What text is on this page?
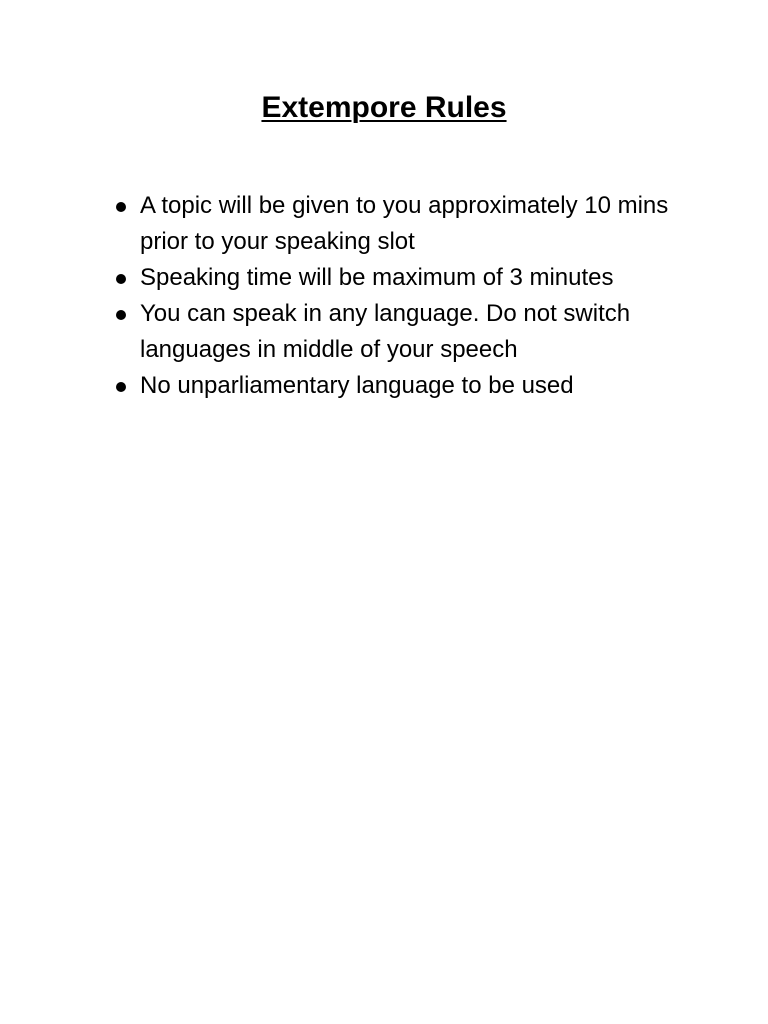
Extempore Rules
A topic will be given to you approximately 10 mins prior to your speaking slot
Speaking time will be maximum of 3 minutes
You can speak in any language. Do not switch languages in middle of your speech
No unparliamentary language to be used
